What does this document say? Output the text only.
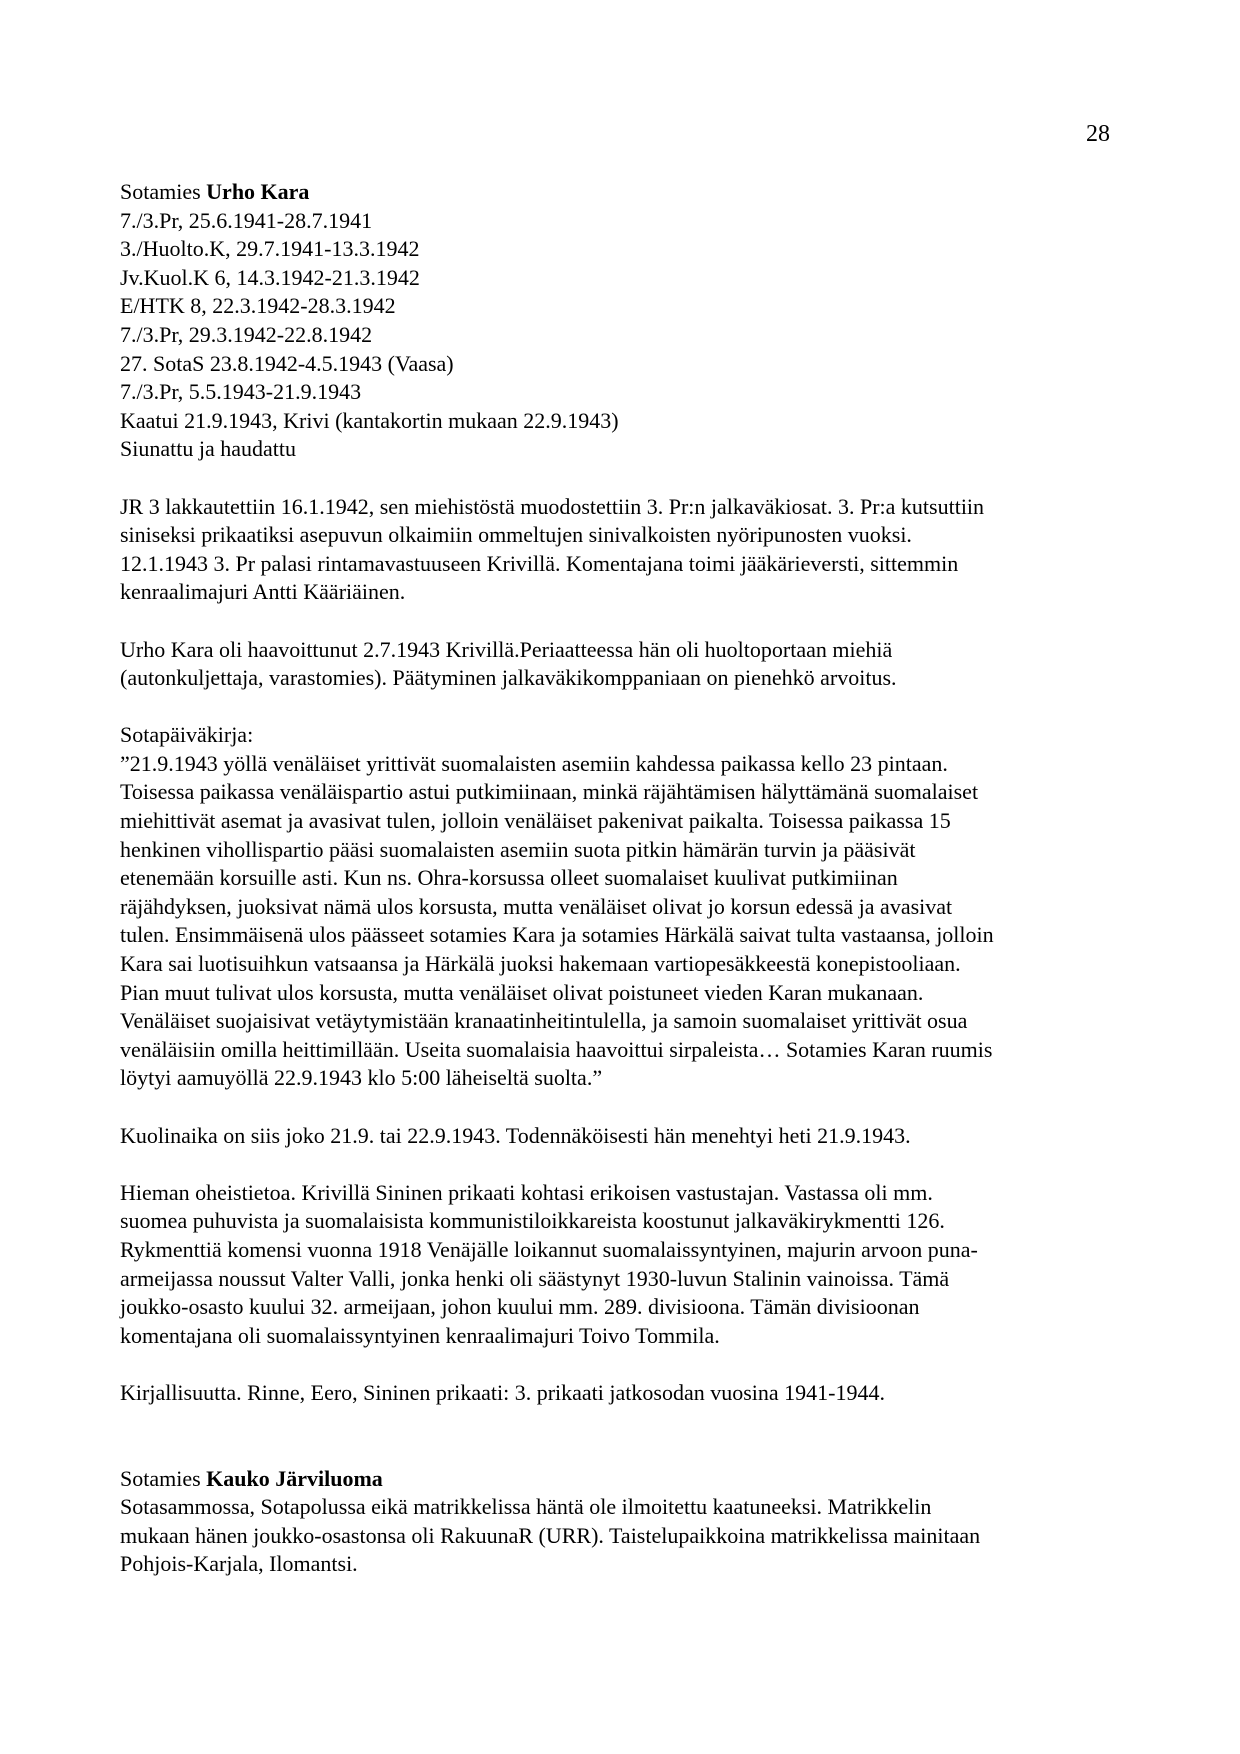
28
Sotamies Urho Kara
7./3.Pr, 25.6.1941-28.7.1941
3./Huolto.K, 29.7.1941-13.3.1942
Jv.Kuol.K 6, 14.3.1942-21.3.1942
E/HTK 8, 22.3.1942-28.3.1942
7./3.Pr, 29.3.1942-22.8.1942
27. SotaS 23.8.1942-4.5.1943 (Vaasa)
7./3.Pr, 5.5.1943-21.9.1943
Kaatui 21.9.1943, Krivi (kantakortin mukaan 22.9.1943)
Siunattu ja haudattu
JR 3 lakkautettiin 16.1.1942, sen miehistöstä muodostettiin 3. Pr:n jalkaväkiosat. 3. Pr:a kutsuttiin
siniseksi prikaatiksi asepuvun olkaimiin ommeltujen sinivalkoisten nyöripunosten vuoksi.
12.1.1943 3. Pr palasi rintamavastuuseen Krivillä. Komentajana toimi jääkärieversti, sittemmin
kenraalimajuri Antti Kääriäinen.
Urho Kara oli haavoittunut 2.7.1943 Krivillä.Periaatteessa hän oli huoltoportaan miehiä
(autonkuljettaja, varastomies). Päätyminen jalkaväkikomppaniaan on pienehkö arvoitus.
Sotapäiväkirja:
”21.9.1943 yöllä venäläiset yrittivät suomalaisten asemiin kahdessa paikassa kello 23 pintaan.
Toisessa paikassa venäläispartio astui putkimiinaan, minkä räjähtämisen hälyttämänä suomalaiset
miehittivät asemat ja avasivat tulen, jolloin venäläiset pakenivat paikalta. Toisessa paikassa 15
henkinen vihollispartio pääsi suomalaisten asemiin suota pitkin hämärän turvin ja pääsivät
etenemään korsuille asti. Kun ns. Ohra-korsussa olleet suomalaiset kuulivat putkimiinan
räjähdyksen, juoksivat nämä ulos korsusta, mutta venäläiset olivat jo korsun edessä ja avasivat
tulen. Ensimmäisenä ulos päässeet sotamies Kara ja sotamies Härkälä saivat tulta vastaansa, jolloin
Kara sai luotisuihkun vatsaansa ja Härkälä juoksi hakemaan vartiopesäkkeestä konepistooliaan.
Pian muut tulivat ulos korsusta, mutta venäläiset olivat poistuneet vieden Karan mukanaan.
Venäläiset suojaisivat vetäytymistään kranaatinheitintulella, ja samoin suomalaiset yrittivät osua
venäläisiin omilla heittimillään. Useita suomalaisia haavoittui sirpaleista… Sotamies Karan ruumis
löytyi aamuyöllä 22.9.1943 klo 5:00 läheiseltä suolta.”
Kuolinaika on siis joko 21.9. tai 22.9.1943. Todennäköisesti hän menehtyi heti 21.9.1943.
Hieman oheistietoa. Krivillä Sininen prikaati kohtasi erikoisen vastustajan. Vastassa oli mm.
suomea puhuvista ja suomalaisista kommunistiloikkareista koostunut jalkaväkirykmentti 126.
Rykmenttiä komensi vuonna 1918 Venäjälle loikannut suomalaissyntyinen, majurin arvoon puna-
armeijassa noussut Valter Valli, jonka henki oli säästynyt 1930-luvun Stalinin vainoissa. Tämä
joukko-osasto kuului 32. armeijaan, johon kuului mm. 289. divisioona. Tämän divisioonan
komentajana oli suomalaissyntyinen kenraalimajuri Toivo Tommila.
Kirjallisuutta. Rinne, Eero, Sininen prikaati: 3. prikaati jatkosodan vuosina 1941-1944.
Sotamies Kauko Järviluoma
Sotasammossa, Sotapolussa eikä matrikkelissa häntä ole ilmoitettu kaatuneeksi. Matrikkelin
mukaan hänen joukko-osastonsa oli RakuunaR (URR). Taistelupaikkoina matrikkelissa mainitaan
Pohjois-Karjala, Ilomantsi.
